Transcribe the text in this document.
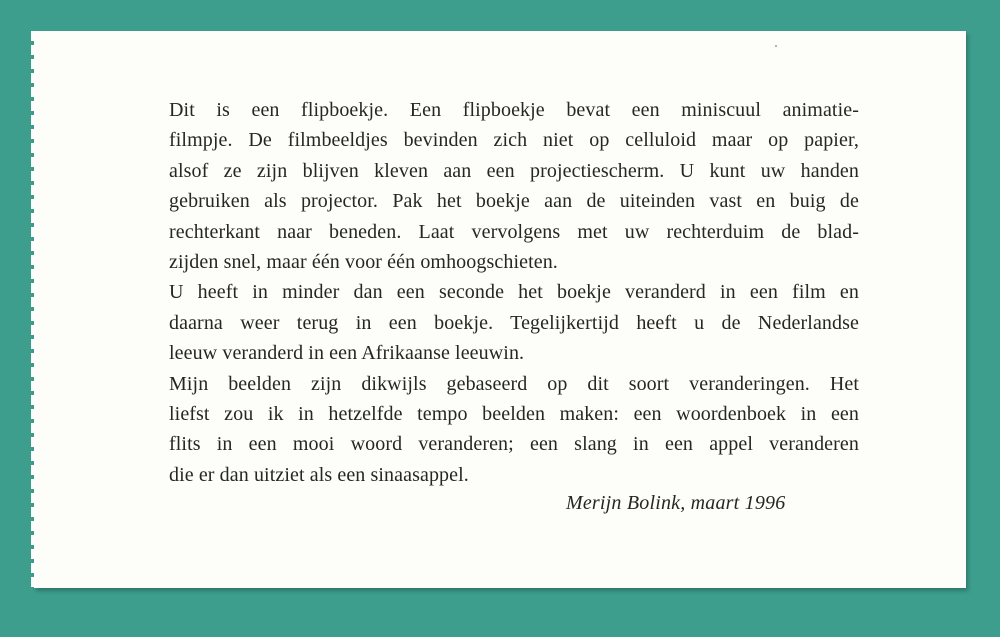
Dit is een flipboekje. Een flipboekje bevat een miniscuul animatie-
filmpje. De filmbeeldjes bevinden zich niet op celluloid maar op papier,
alsof ze zijn blijven kleven aan een projectiescherm. U kunt uw handen
gebruiken als projector. Pak het boekje aan de uiteinden vast en buig de
rechterkant naar beneden. Laat vervolgens met uw rechterduim de blad-
zijden snel, maar één voor één omhoogschieten.

U heeft in minder dan een seconde het boekje veranderd in een film en
daarna weer terug in een boekje. Tegelijkertijd heeft u de Nederlandse
leeuw veranderd in een Afrikaanse leeuwin.

Mijn beelden zijn dikwijls gebaseerd op dit soort veranderingen. Het
liefst zou ik in hetzelfde tempo beelden maken: een woordenboek in een
flits in een mooi woord veranderen; een slang in een appel veranderen
die er dan uitziet als een sinaasappel.

Merijn Bolink, maart 1996
